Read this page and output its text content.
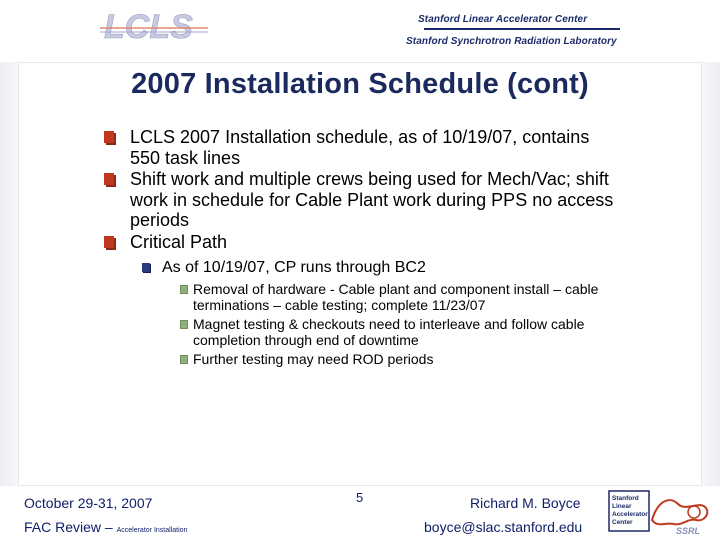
LCLS	Stanford Linear Accelerator Center
Stanford Synchrotron Radiation Laboratory
2007 Installation Schedule (cont)
LCLS 2007 Installation schedule, as of 10/19/07, contains 550 task lines
Shift work and multiple crews being used for Mech/Vac; shift work in schedule for Cable Plant work during PPS no access periods
Critical Path
As of 10/19/07, CP runs through BC2
Removal of hardware - Cable plant and component install – cable terminations – cable testing; complete 11/23/07
Magnet testing & checkouts need to interleave and follow cable completion through end of downtime
Further testing may need ROD periods
October 29-31, 2007
FAC Review – Accelerator Installation
5	Richard M. Boyce
boyce@slac.stanford.edu
Stanford
Linear
Accelerator
Center
SSRL
